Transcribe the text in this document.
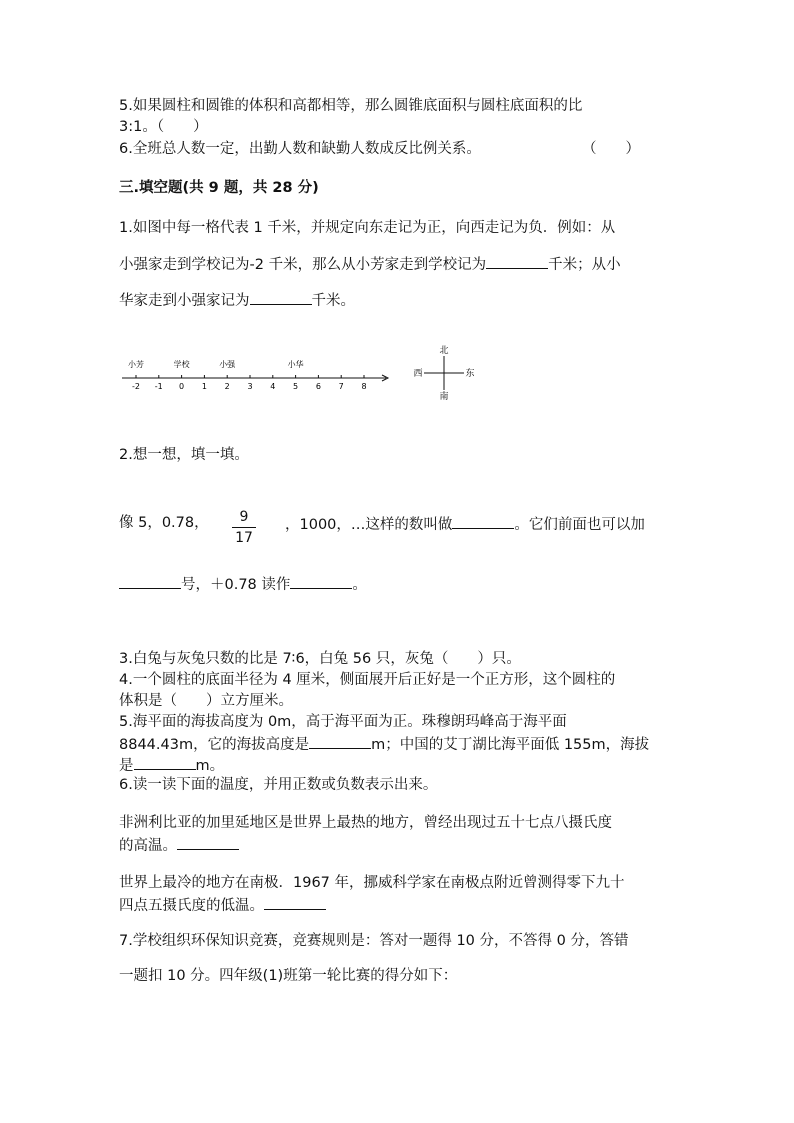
5.如果圆柱和圆锥的体积和高都相等，那么圆锥底面积与圆柱底面积的比
3:1。（　　）
6.全班总人数一定，出勤人数和缺勤人数成反比例关系。	（　　）
三.填空题(共 9 题，共 28 分)
1.如图中每一格代表 1 千米，并规定向东走记为正，向西走记为负．例如：从
小强家走到学校记为-2 千米，那么从小芳家走到学校记为	千米；从小
华家走到小强家记为	千米。
-2 -1 0 1 2 3 4 5 6 7 8
小芳	学校	小强	小华
北
南
西	东
2.想一想，填一填。
像 5，0.78，	9
17
，1000，…这样的数叫做	。它们前面也可以加
号，＋0.78 读作	。
3.白兔与灰兔只数的比是 7∶6，白兔 56 只，灰兔（　　）只。
4.一个圆柱的底面半径为 4 厘米，侧面展开后正好是一个正方形，这个圆柱的
体积是（　　）立方厘米。
5.海平面的海拔高度为 0m，高于海平面为正。珠穆朗玛峰高于海平面
8844.43m，它的海拔高度是	m；中国的艾丁湖比海平面低 155m，海拔
是	m。
6.读一读下面的温度，并用正数或负数表示出来。
非洲利比亚的加里延地区是世界上最热的地方，曾经出现过五十七点八摄氏度
的高温。
世界上最冷的地方在南极．1967 年，挪威科学家在南极点附近曾测得零下九十
四点五摄氏度的低温。
7.学校组织环保知识竞赛，竞赛规则是：答对一题得 10 分，不答得 0 分，答错
一题扣 10 分。四年级(1)班第一轮比赛的得分如下：
